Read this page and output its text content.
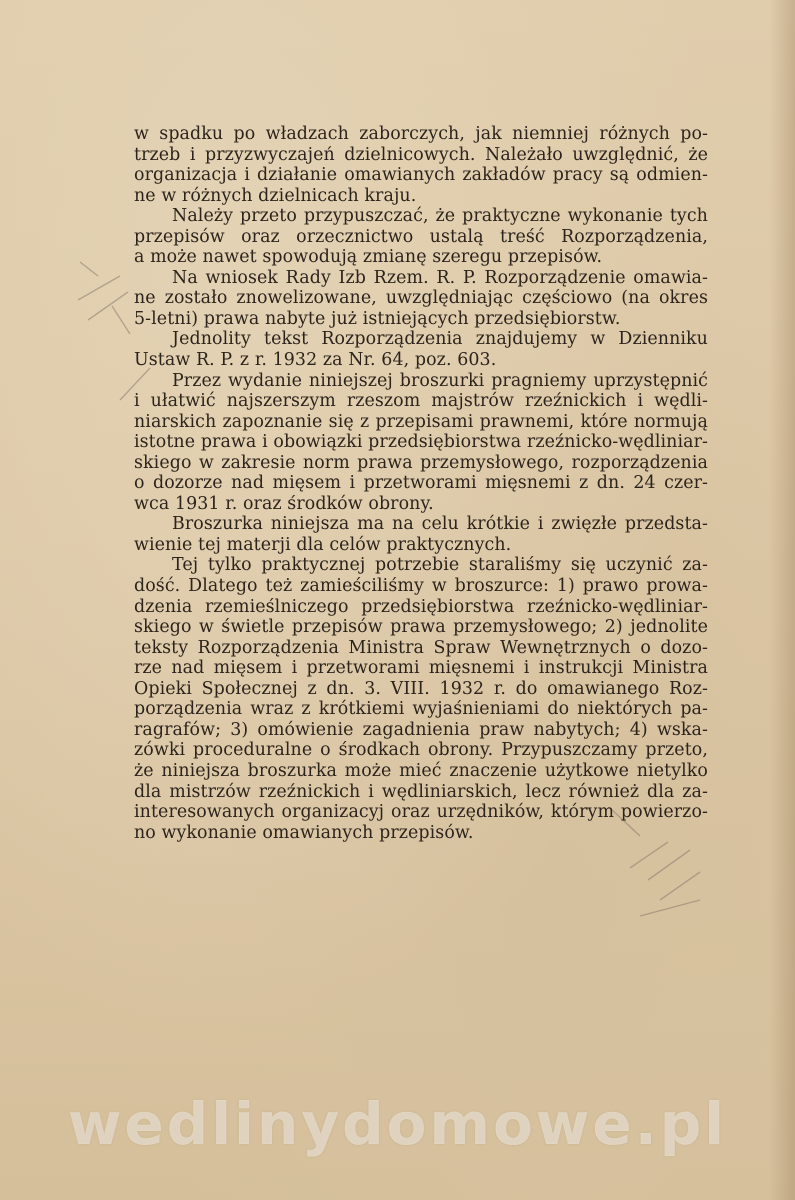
w spadku po władzach zaborczych, jak niemniej różnych po-
trzeb i przyzwyczajeń dzielnicowych. Należało uwzględnić, że
organizacja i działanie omawianych zakładów pracy są odmien-
ne w różnych dzielnicach kraju.
Należy przeto przypuszczać, że praktyczne wykonanie tych
przepisów oraz orzecznictwo ustalą treść Rozporządzenia,
a może nawet spowodują zmianę szeregu przepisów.
Na wniosek Rady Izb Rzem. R. P. Rozporządzenie omawia-
ne zostało znowelizowane, uwzględniając częściowo (na okres
5-letni) prawa nabyte już istniejących przedsiębiorstw.
Jednolity tekst Rozporządzenia znajdujemy w Dzienniku
Ustaw R. P. z r. 1932 za Nr. 64, poz. 603.
Przez wydanie niniejszej broszurki pragniemy uprzystępnić
i ułatwić najszerszym rzeszom majstrów rzeźnickich i wędli-
niarskich zapoznanie się z przepisami prawnemi, które normują
istotne prawa i obowiązki przedsiębiorstwa rzeźnicko-wędliniar-
skiego w zakresie norm prawa przemysłowego, rozporządzenia
o dozorze nad mięsem i przetworami mięsnemi z dn. 24 czer-
wca 1931 r. oraz środków obrony.
Broszurka niniejsza ma na celu krótkie i zwięzłe przedsta-
wienie tej materji dla celów praktycznych.
Tej tylko praktycznej potrzebie staraliśmy się uczynić za-
dość. Dlatego też zamieściliśmy w broszurce: 1) prawo prowa-
dzenia rzemieślniczego przedsiębiorstwa rzeźnicko-wędliniar-
skiego w świetle przepisów prawa przemysłowego; 2) jednolite
teksty Rozporządzenia Ministra Spraw Wewnętrznych o dozo-
rze nad mięsem i przetworami mięsnemi i instrukcji Ministra
Opieki Społecznej z dn. 3. VIII. 1932 r. do omawianego Roz-
porządzenia wraz z krótkiemi wyjaśnieniami do niektórych pa-
ragrafów; 3) omówienie zagadnienia praw nabytych; 4) wska-
zówki proceduralne o środkach obrony. Przypuszczamy przeto,
że niniejsza broszurka może mieć znaczenie użytkowe nietylko
dla mistrzów rzeźnickich i wędliniarskich, lecz również dla za-
interesowanych organizacyj oraz urzędników, którym powierzo-
no wykonanie omawianych przepisów.
wedlinydomowe.pl
